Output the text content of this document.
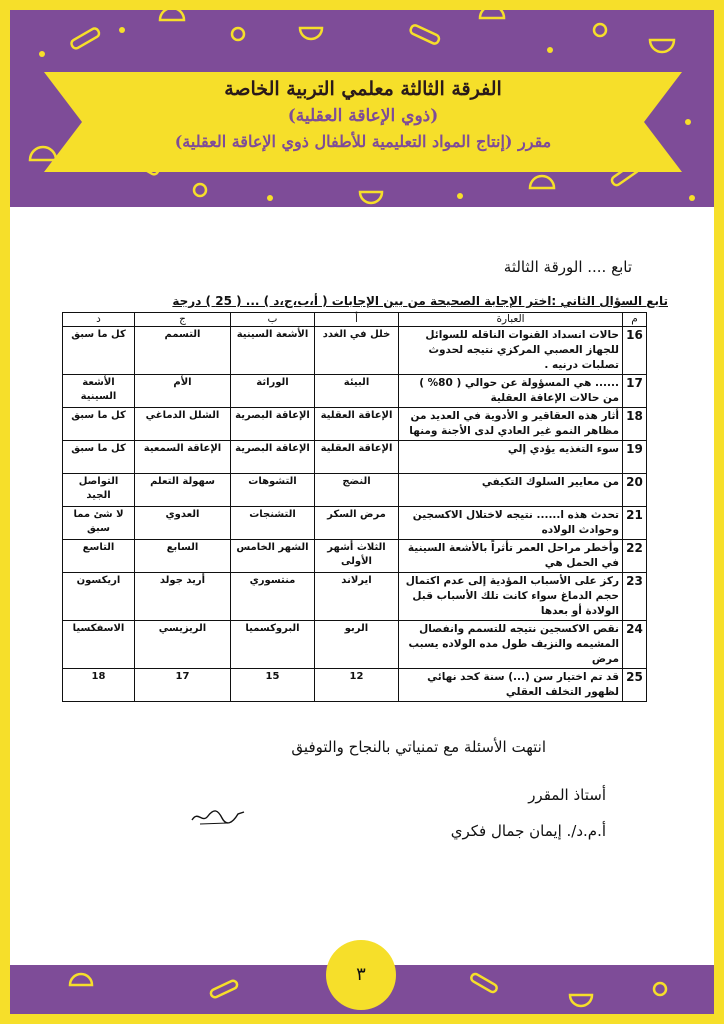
الفرقة الثالثة معلمي التربية الخاصة
(ذوي الإعاقة العقلية)
مقرر (إنتاج المواد التعليمية للأطفال ذوي الإعاقة العقلية)
تابع .... الورقة الثالثة
تابع السؤال الثاني :اختر الإجابة الصحيحة من بين الإجابات ( أ،ب،ج،د ) ... ( 25 ) درجة
م	العبارة	أ	ب	ج	د
16	حالات انسداد القنوات الناقله للسوائل للجهاز العصبي المركزي نتيجه لحدوث تصلبات درنيه .	خلل في الغدد	الأشعة السينية	التسمم	كل ما سبق
17	...... هي المسؤولة عن حوالي ( 80% ) من حالات الإعاقة العقلية	البيئة	الوراثة	الأم	الأشعة السينية
18	أثار هذه العقاقير و الأدوية في العديد من مظاهر النمو غير العادي لدى الأجنة ومنها	الإعاقة العقلية	الإعاقة البصرية	الشلل الدماغي	كل ما سبق
19	سوء التغذيه يؤدي إلي	الإعاقة العقلية	الإعاقة البصرية	الإعاقة السمعية	كل ما سبق
20	من معايير السلوك التكيفي	النضج	التشوهات	سهولة التعلم	التواصل الجيد
21	تحدث هذه ا...... نتيجه لاختلال الاكسجين وحوادث الولاده	مرض السكر	التشنجات	العدوي	لا شئ مما سبق
22	وأخطر مراحل العمر تأثراً بالأشعة السينية في الحمل هي	الثلاث أشهر الأولى	الشهر الخامس	السابع	التاسع
23	ركز على الأسباب المؤدية إلى عدم اكتمال حجم الدماغ سواء كانت تلك الأسباب قبل الولادة أو بعدها	ايرلاند	منتسوري	أريد جولد	اريكسون
24	نقص الاكسجين نتيجه للتسمم وانفصال المشيمه والنزيف طول مده الولاده يسبب مرض	الربو	البروكسميا	الريزيسي	الاسفكسيا
25	قد تم اختيار سن (...) سنة كحد نهائي لظهور التخلف العقلي	12	15	17	18
انتهت الأسئلة مع تمنياتي بالنجاح والتوفيق
أستاذ المقرر
أ.م.د/. إيمان جمال فكري
٣
